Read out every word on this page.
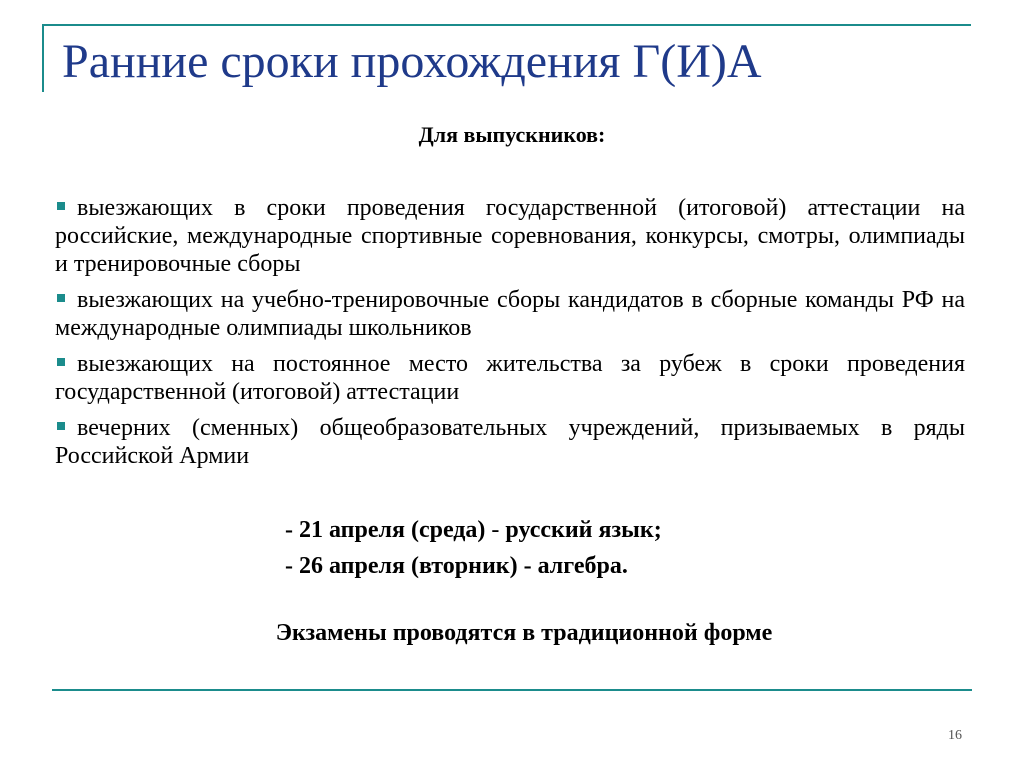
Ранние сроки прохождения Г(И)А
Для выпускников:
выезжающих в сроки проведения государственной (итоговой) аттестации на российские, международные спортивные соревнования, конкурсы, смотры, олимпиады и тренировочные сборы
выезжающих на учебно-тренировочные сборы кандидатов в сборные команды РФ на международные олимпиады школьников
выезжающих на постоянное место жительства за рубеж в сроки проведения государственной (итоговой) аттестации
вечерних (сменных) общеобразовательных учреждений, призываемых в ряды Российской Армии
- 21 апреля (среда) - русский язык;
- 26 апреля (вторник) - алгебра.
Экзамены проводятся в традиционной форме
16
